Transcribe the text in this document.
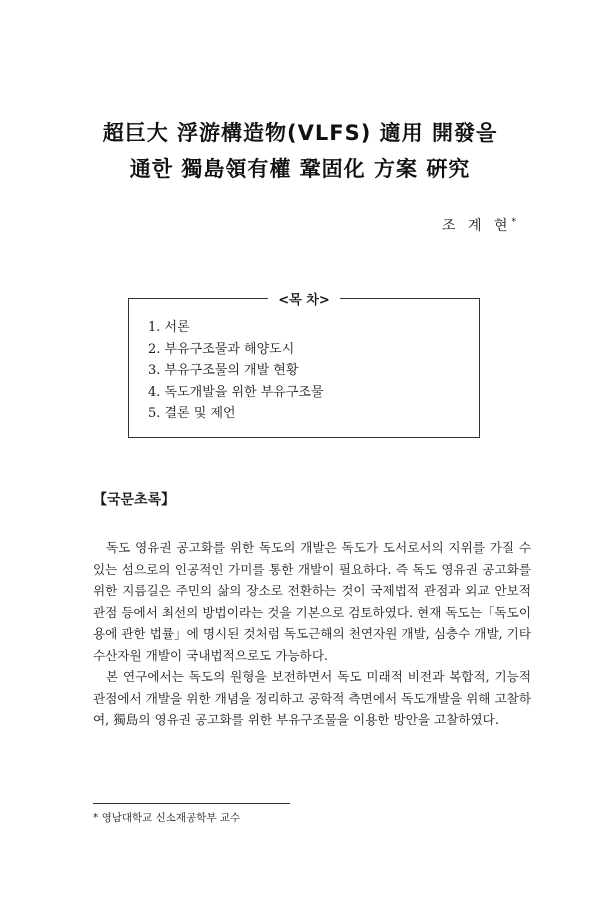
超巨大 浮游構造物(VLFS) 適用 開發을
通한 獨島領有權 鞏固化 方案 硏究
조 계 현*
<목 차>
1. 서론
2. 부유구조물과 해양도시
3. 부유구조물의 개발 현황
4. 독도개발을 위한 부유구조물
5. 결론 및 제언
【국문초록】

독도 영유권 공고화를 위한 독도의 개발은 독도가 도서로서의 지위를 가질 수 있는 섬으로의 인공적인 가미를 통한 개발이 필요하다. 즉 독도 영유권 공고화를 위한 지름길은 주민의 삶의 장소로 전환하는 것이 국제법적 관점과 외교 안보적 관점 등에서 최선의 방법이라는 것을 기본으로 검토하였다. 현재 독도는「독도이용에 관한 법률」에 명시된 것처럼 독도근해의 천연자원 개발, 심층수 개발, 기타 수산자원 개발이 국내법적으로도 가능하다.

본 연구에서는 독도의 원형을 보전하면서 독도 미래적 비전과 복합적, 기능적 관점에서 개발을 위한 개념을 정리하고 공학적 측면에서 독도개발을 위해 고찰하여, 獨島의 영유권 공고화를 위한 부유구조물을 이용한 방안을 고찰하였다.

* 영남대학교 신소재공학부 교수
